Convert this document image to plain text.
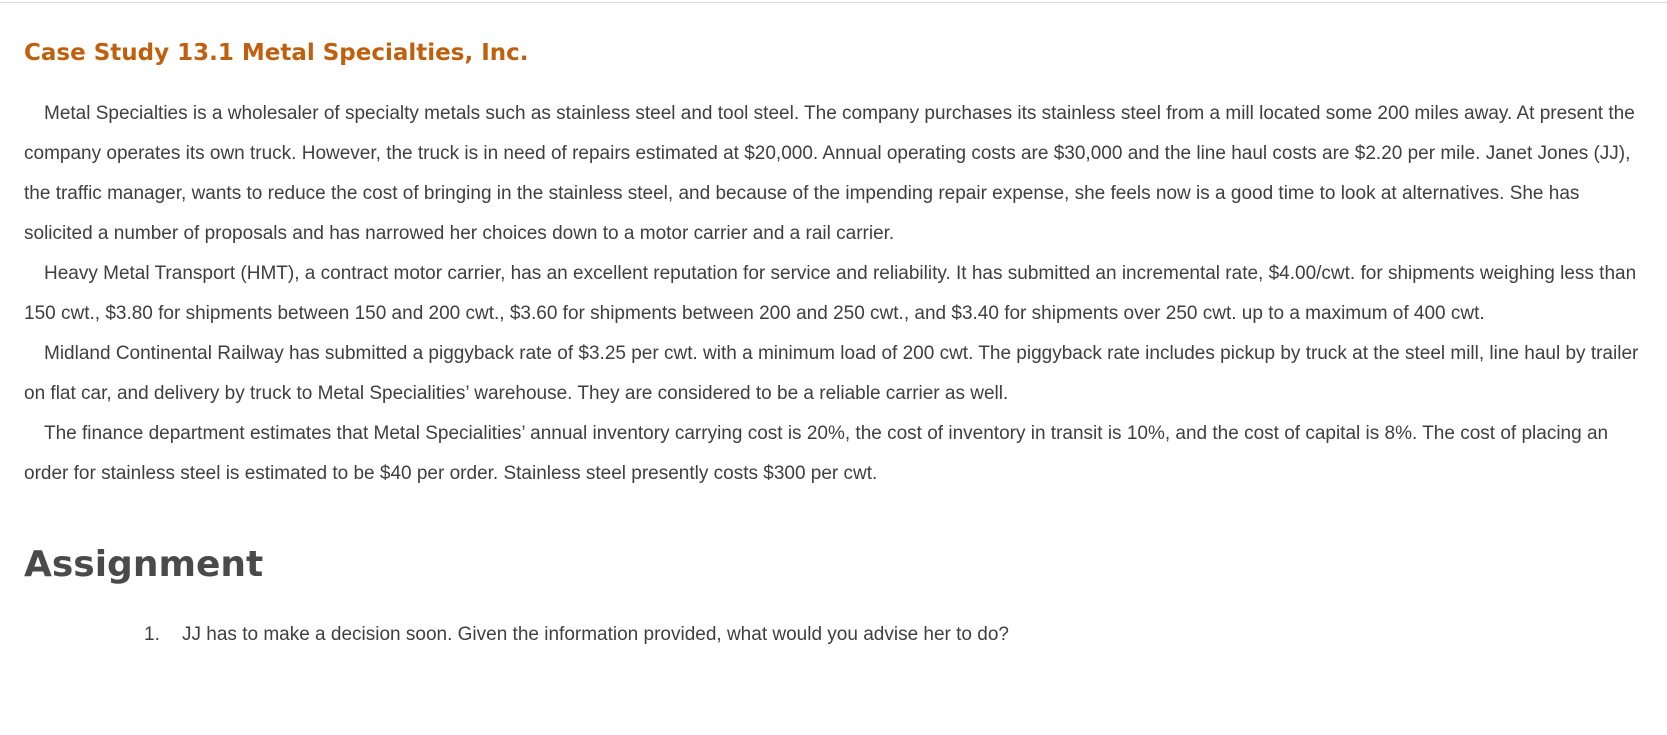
Case Study 13.1 Metal Specialties, Inc.

Metal Specialties is a wholesaler of specialty metals such as stainless steel and tool steel. The company purchases its stainless steel from a mill located some 200 miles away. At present the company operates its own truck. However, the truck is in need of repairs estimated at $20,000. Annual operating costs are $30,000 and the line haul costs are $2.20 per mile. Janet Jones (JJ), the traffic manager, wants to reduce the cost of bringing in the stainless steel, and because of the impending repair expense, she feels now is a good time to look at alternatives. She has solicited a number of proposals and has narrowed her choices down to a motor carrier and a rail carrier.

Heavy Metal Transport (HMT), a contract motor carrier, has an excellent reputation for service and reliability. It has submitted an incremental rate, $4.00/cwt. for shipments weighing less than 150 cwt., $3.80 for shipments between 150 and 200 cwt., $3.60 for shipments between 200 and 250 cwt., and $3.40 for shipments over 250 cwt. up to a maximum of 400 cwt.

Midland Continental Railway has submitted a piggyback rate of $3.25 per cwt. with a minimum load of 200 cwt. The piggyback rate includes pickup by truck at the steel mill, line haul by trailer on flat car, and delivery by truck to Metal Specialities’ warehouse. They are considered to be a reliable carrier as well.

The finance department estimates that Metal Specialities’ annual inventory carrying cost is 20%, the cost of inventory in transit is 10%, and the cost of capital is 8%. The cost of placing an order for stainless steel is estimated to be $40 per order. Stainless steel presently costs $300 per cwt.

Assignment
1.	JJ has to make a decision soon. Given the information provided, what would you advise her to do?
